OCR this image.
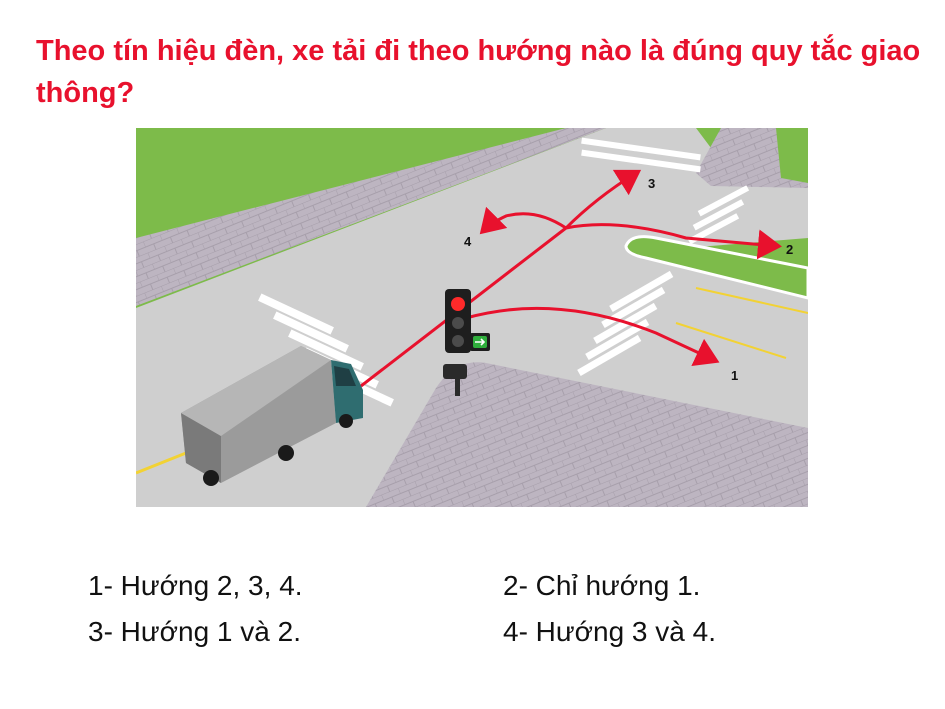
Theo tín hiệu đèn, xe tải đi theo hướng nào là đúng quy tắc giao thông?
1
2
3
4
1- Hướng 2, 3, 4.	2- Chỉ hướng 1.
3- Hướng 1 và 2.	4- Hướng 3 và 4.
